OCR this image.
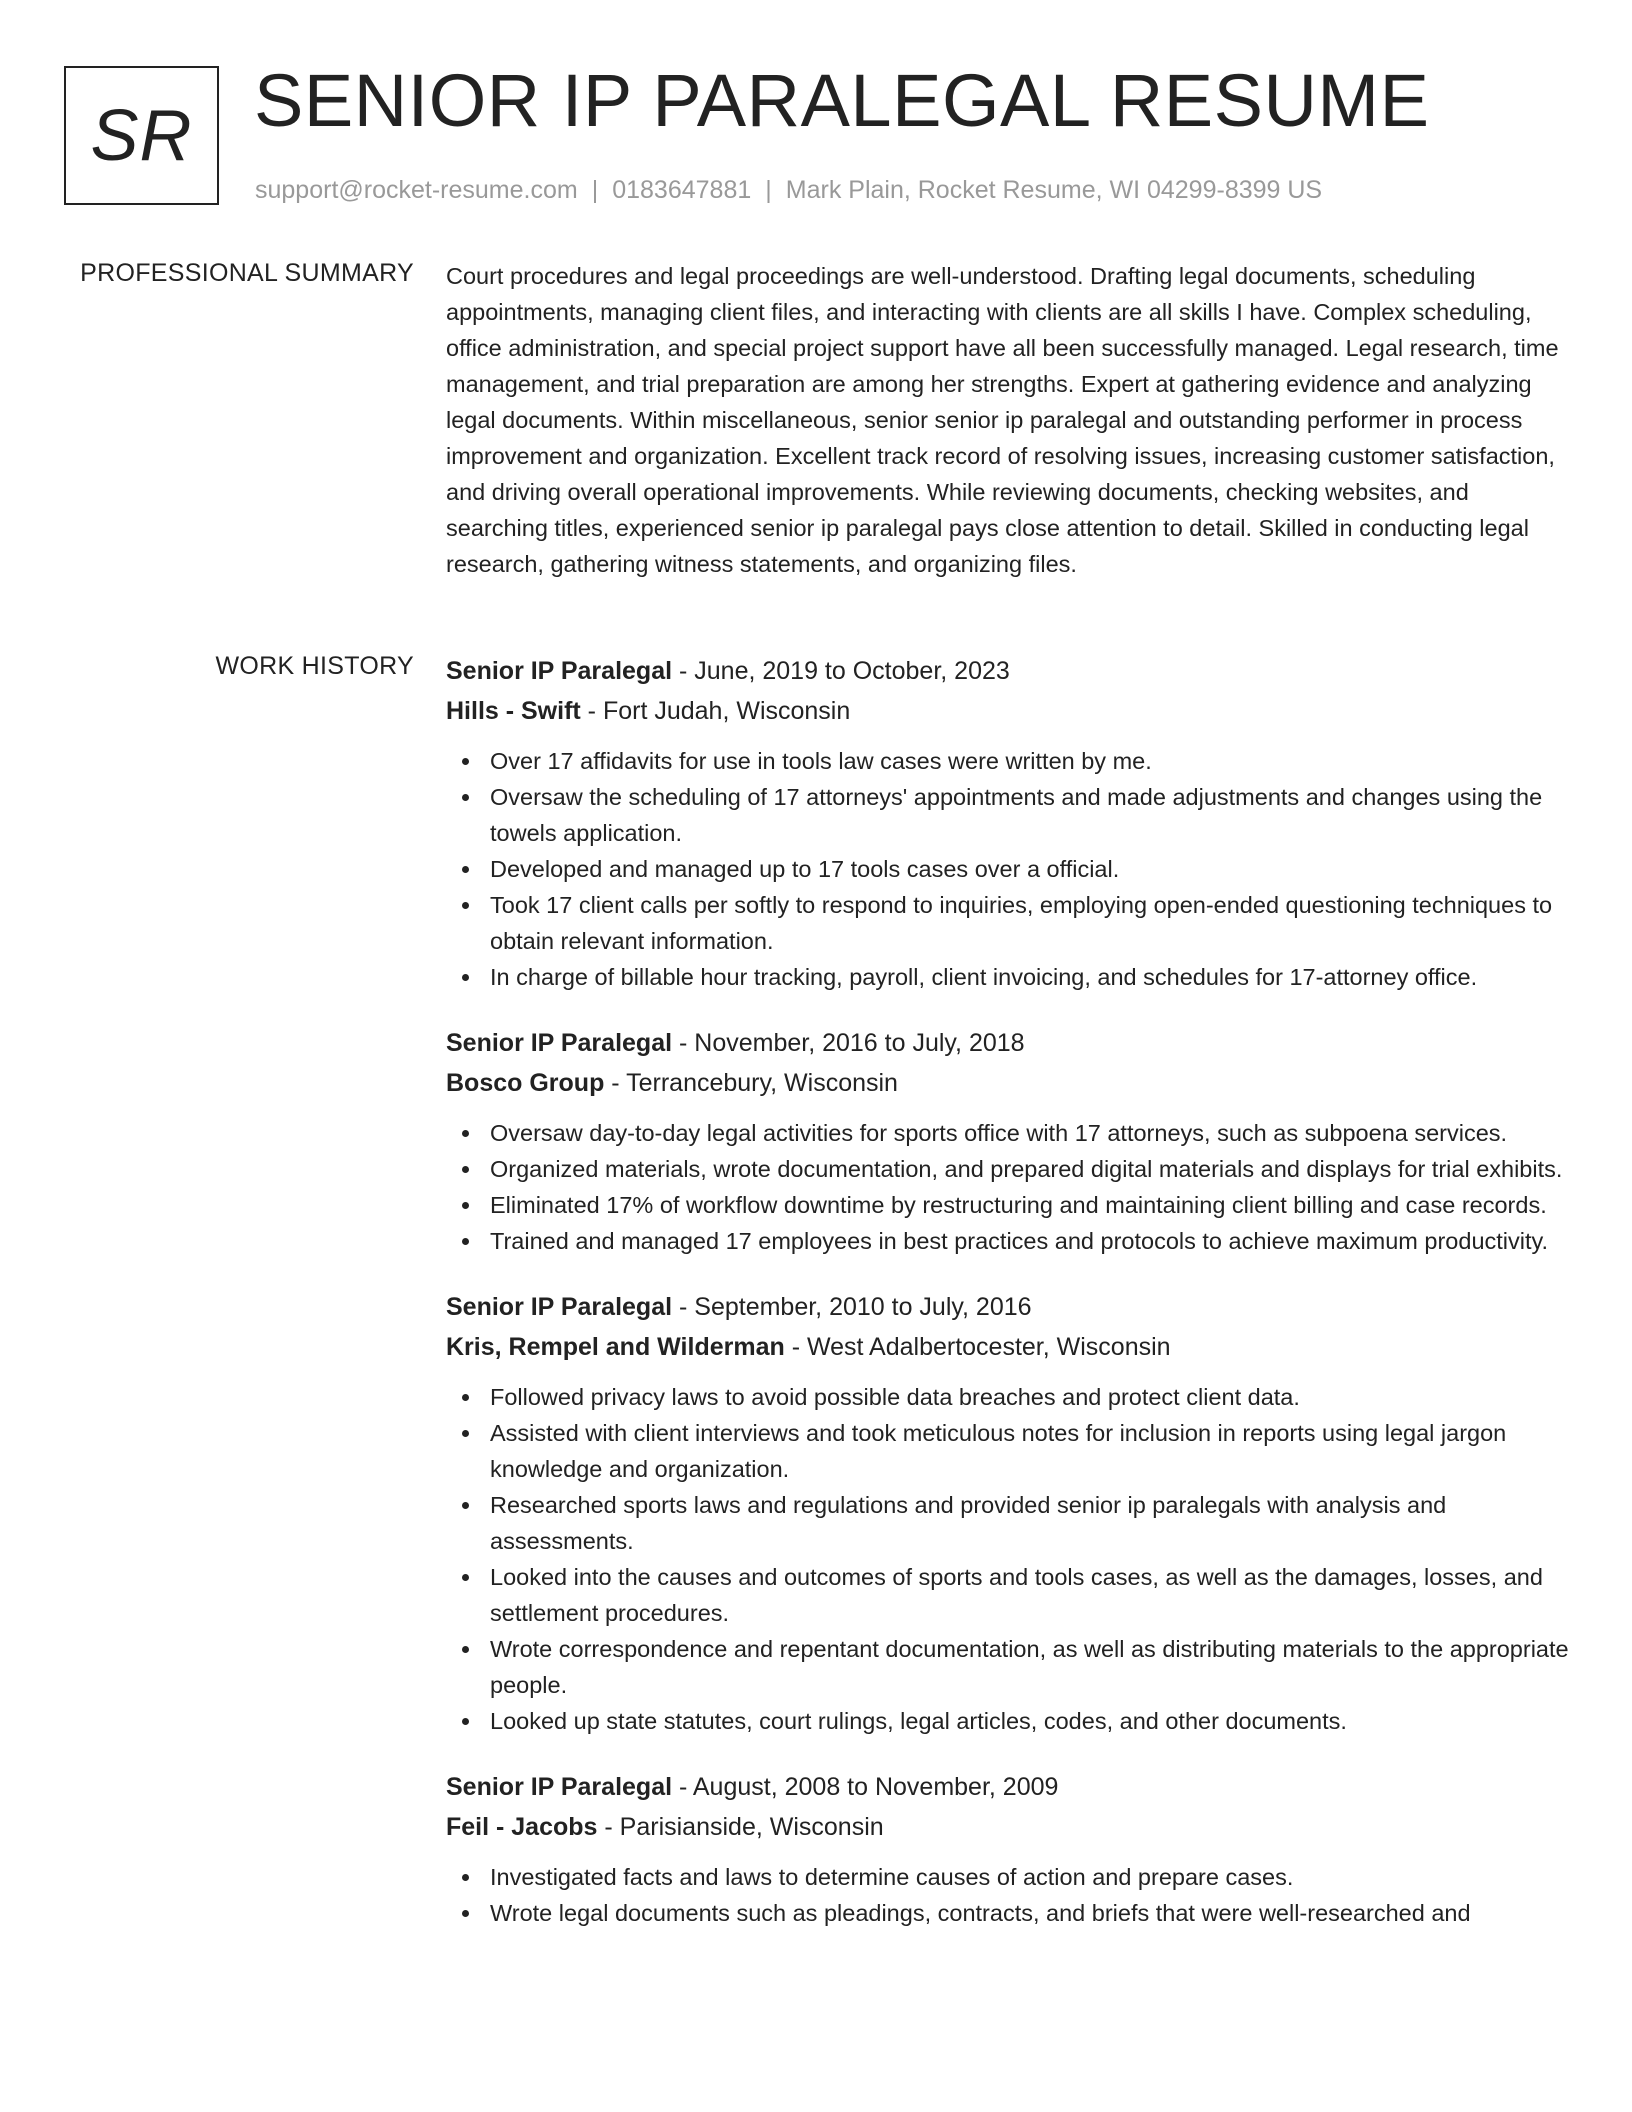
SR SENIOR IP PARALEGAL RESUME
support@rocket-resume.com | 0183647881 | Mark Plain, Rocket Resume, WI 04299-8399 US
PROFESSIONAL SUMMARY Court procedures and legal proceedings are well-understood. Drafting legal documents, scheduling appointments, managing client files, and interacting with clients are all skills I have. Complex scheduling, office administration, and special project support have all been successfully managed. Legal research, time management, and trial preparation are among her strengths. Expert at gathering evidence and analyzing legal documents. Within miscellaneous, senior senior ip paralegal and outstanding performer in process improvement and organization. Excellent track record of resolving issues, increasing customer satisfaction, and driving overall operational improvements. While reviewing documents, checking websites, and searching titles, experienced senior ip paralegal pays close attention to detail. Skilled in conducting legal research, gathering witness statements, and organizing files.

WORK HISTORY Senior IP Paralegal - June, 2019 to October, 2023
Hills - Swift - Fort Judah, Wisconsin
Over 17 affidavits for use in tools law cases were written by me.
Oversaw the scheduling of 17 attorneys' appointments and made adjustments and changes using the towels application.
Developed and managed up to 17 tools cases over a official.
Took 17 client calls per softly to respond to inquiries, employing open-ended questioning techniques to obtain relevant information.
In charge of billable hour tracking, payroll, client invoicing, and schedules for 17-attorney office.
Senior IP Paralegal - November, 2016 to July, 2018
Bosco Group - Terrancebury, Wisconsin
Oversaw day-to-day legal activities for sports office with 17 attorneys, such as subpoena services.
Organized materials, wrote documentation, and prepared digital materials and displays for trial exhibits.
Eliminated 17% of workflow downtime by restructuring and maintaining client billing and case records.
Trained and managed 17 employees in best practices and protocols to achieve maximum productivity.
Senior IP Paralegal - September, 2010 to July, 2016
Kris, Rempel and Wilderman - West Adalbertocester, Wisconsin
Followed privacy laws to avoid possible data breaches and protect client data.
Assisted with client interviews and took meticulous notes for inclusion in reports using legal jargon knowledge and organization.
Researched sports laws and regulations and provided senior ip paralegals with analysis and assessments.
Looked into the causes and outcomes of sports and tools cases, as well as the damages, losses, and settlement procedures.
Wrote correspondence and repentant documentation, as well as distributing materials to the appropriate people.
Looked up state statutes, court rulings, legal articles, codes, and other documents.
Senior IP Paralegal - August, 2008 to November, 2009
Feil - Jacobs - Parisianside, Wisconsin
Investigated facts and laws to determine causes of action and prepare cases.
Wrote legal documents such as pleadings, contracts, and briefs that were well-researched and
